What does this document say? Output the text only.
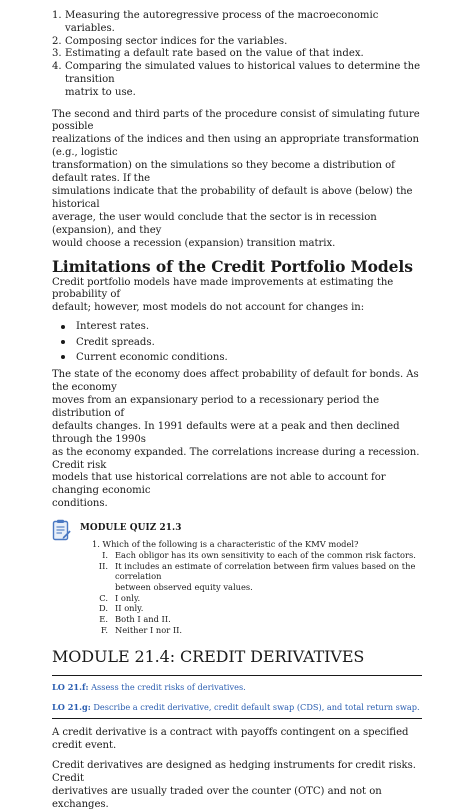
1. Measuring the autoregressive process of the macroeconomic variables.
2. Composing sector indices for the variables.
3. Estimating a default rate based on the value of that index.
4. Comparing the simulated values to historical values to determine the transition
matrix to use.

The second and third parts of the procedure consist of simulating future possible
realizations of the indices and then using an appropriate transformation (e.g., logistic
transformation) on the simulations so they become a distribution of default rates. If the
simulations indicate that the probability of default is above (below) the historical
average, the user would conclude that the sector is in recession (expansion), and they
would choose a recession (expansion) transition matrix.

Limitations of the Credit Portfolio Models

Credit portfolio models have made improvements at estimating the probability of
default; however, most models do not account for changes in:

Interest rates.
Credit spreads.
Current economic conditions.

The state of the economy does affect probability of default for bonds. As the economy
moves from an expansionary period to a recessionary period the distribution of
defaults changes. In 1991 defaults were at a peak and then declined through the 1990s
as the economy expanded. The correlations increase during a recession. Credit risk
models that use historical correlations are not able to account for changing economic
conditions.

MODULE QUIZ 21.3

1. Which of the following is a characteristic of the KMV model?

I. Each obligor has its own sensitivity to each of the common risk factors.
II. It includes an estimate of correlation between firm values based on the correlation
between observed equity values.
C. I only.
D. II only.
E. Both I and II.
F. Neither I nor II.
MODULE 21.4: CREDIT DERIVATIVES

LO 21.f: Assess the credit risks of derivatives.

LO 21.g: Describe a credit derivative, credit default swap (CDS), and total return swap.

A credit derivative is a contract with payoffs contingent on a specified credit event.

Credit derivatives are designed as hedging instruments for credit risks. Credit
derivatives are usually traded over the counter (OTC) and not on exchanges.
